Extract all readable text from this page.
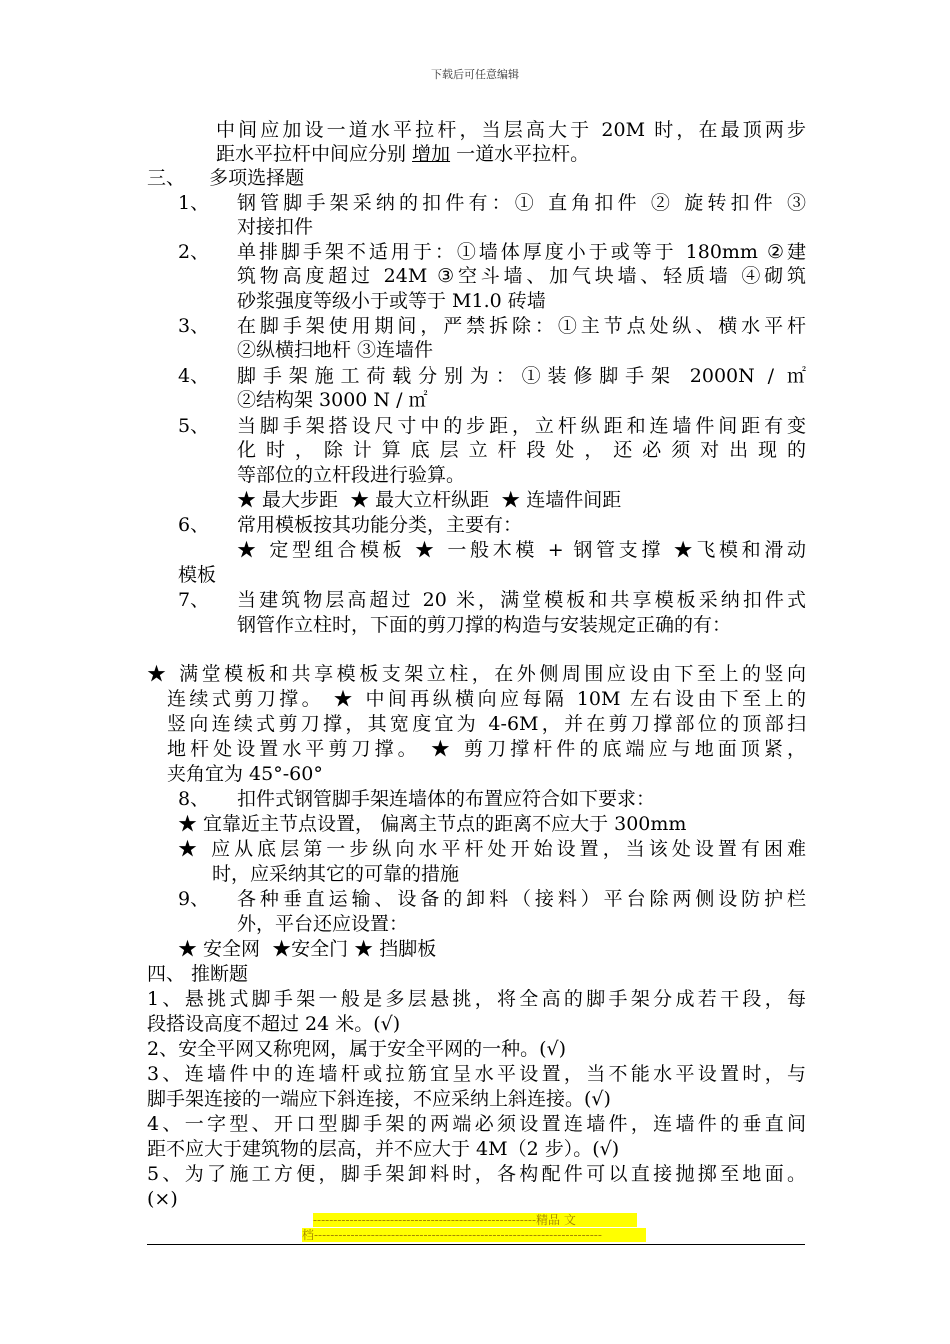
下载后可任意编辑
中间应加设一道水平拉杆，当层高大于 20M 时，在最顶两步
距水平拉杆中间应分别 增加 一道水平拉杆。
三、    多项选择题
1、 钢管脚手架采纳的扣件有：① 直角扣件 ② 旋转扣件 ③
对接扣件
2、 单排脚手架不适用于：①墙体厚度小于或等于 180mm ②建
筑物高度超过 24M ③空斗墙、加气块墙、轻质墙 ④砌筑
砂浆强度等级小于或等于 M1.0 砖墙
3、 在脚手架使用期间，严禁拆除：①主节点处纵、横水平杆
②纵横扫地杆 ③连墙件
4、 脚手架施工荷载分别为：①装修脚手架 2000N / ㎡
②结构架 3000 N / ㎡
5、 当脚手架搭设尺寸中的步距，立杆纵距和连墙件间距有变
化时，除计算底层立杆段处，还必须对出现的
等部位的立杆段进行验算。
★ 最大步距  ★ 最大立杆纵距  ★ 连墙件间距
6、 常用模板按其功能分类，主要有：
★ 定型组合模板 ★ 一般木模 + 钢管支撑 ★飞模和滑动
模板
7、 当建筑物层高超过 20 米，满堂模板和共享模板采纳扣件式
钢管作立柱时，下面的剪刀撑的构造与安装规定正确的有：
★ 满堂模板和共享模板支架立柱，在外侧周围应设由下至上的竖向
连续式剪刀撑。 ★ 中间再纵横向应每隔 10M 左右设由下至上的
竖向连续式剪刀撑，其宽度宜为 4-6M，并在剪刀撑部位的顶部扫
地杆处设置水平剪刀撑。 ★ 剪刀撑杆件的底端应与地面顶紧，
夹角宜为 45°-60°
8、 扣件式钢管脚手架连墙体的布置应符合如下要求：
★ 宜靠近主节点设置， 偏离主节点的距离不应大于 300mm
★ 应从底层第一步纵向水平杆处开始设置，当该处设置有困难
时，应采纳其它的可靠的措施
9、 各种垂直运输、设备的卸料（接料）平台除两侧设防护栏
外，平台还应设置：
★ 安全网  ★安全门 ★ 挡脚板
四、 推断题
1、悬挑式脚手架一般是多层悬挑，将全高的脚手架分成若干段，每
段搭设高度不超过 24 米。(√)
2、安全平网又称兜网，属于安全平网的一种。(√)
3、连墙件中的连墙杆或拉筋宜呈水平设置，当不能水平设置时，与
脚手架连接的一端应下斜连接，不应采纳上斜连接。(√)
4、一字型、开口型脚手架的两端必须设置连墙件，连墙件的垂直间
距不应大于建筑物的层高，并不应大于 4M（2 步）。(√)
5、为了施工方便，脚手架卸料时，各构配件可以直接抛掷至地面。
(×)
-------------------------------------------------------精品 文
档-----------------------------------------------------------------------
